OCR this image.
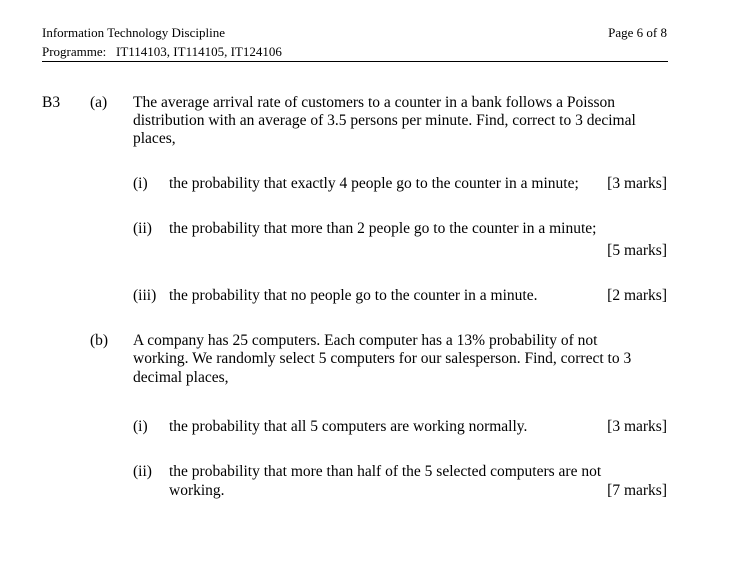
Information Technology Discipline
Programme:   IT114103, IT114105, IT124106
Page 6 of 8
B3 (a) The average arrival rate of customers to a counter in a bank follows a Poisson
distribution with an average of 3.5 persons per minute. Find, correct to 3 decimal
places,
(i) the probability that exactly 4 people go to the counter in a minute; [3 marks]
(ii) the probability that more than 2 people go to the counter in a minute;
[5 marks]
(iii) the probability that no people go to the counter in a minute.	[2 marks]
(b) A company has 25 computers. Each computer has a 13% probability of not
working. We randomly select 5 computers for our salesperson. Find, correct to 3
decimal places,
(i) the probability that all 5 computers are working normally.	[3 marks]
(ii) the probability that more than half of the 5 selected computers are not
working.	[7 marks]
